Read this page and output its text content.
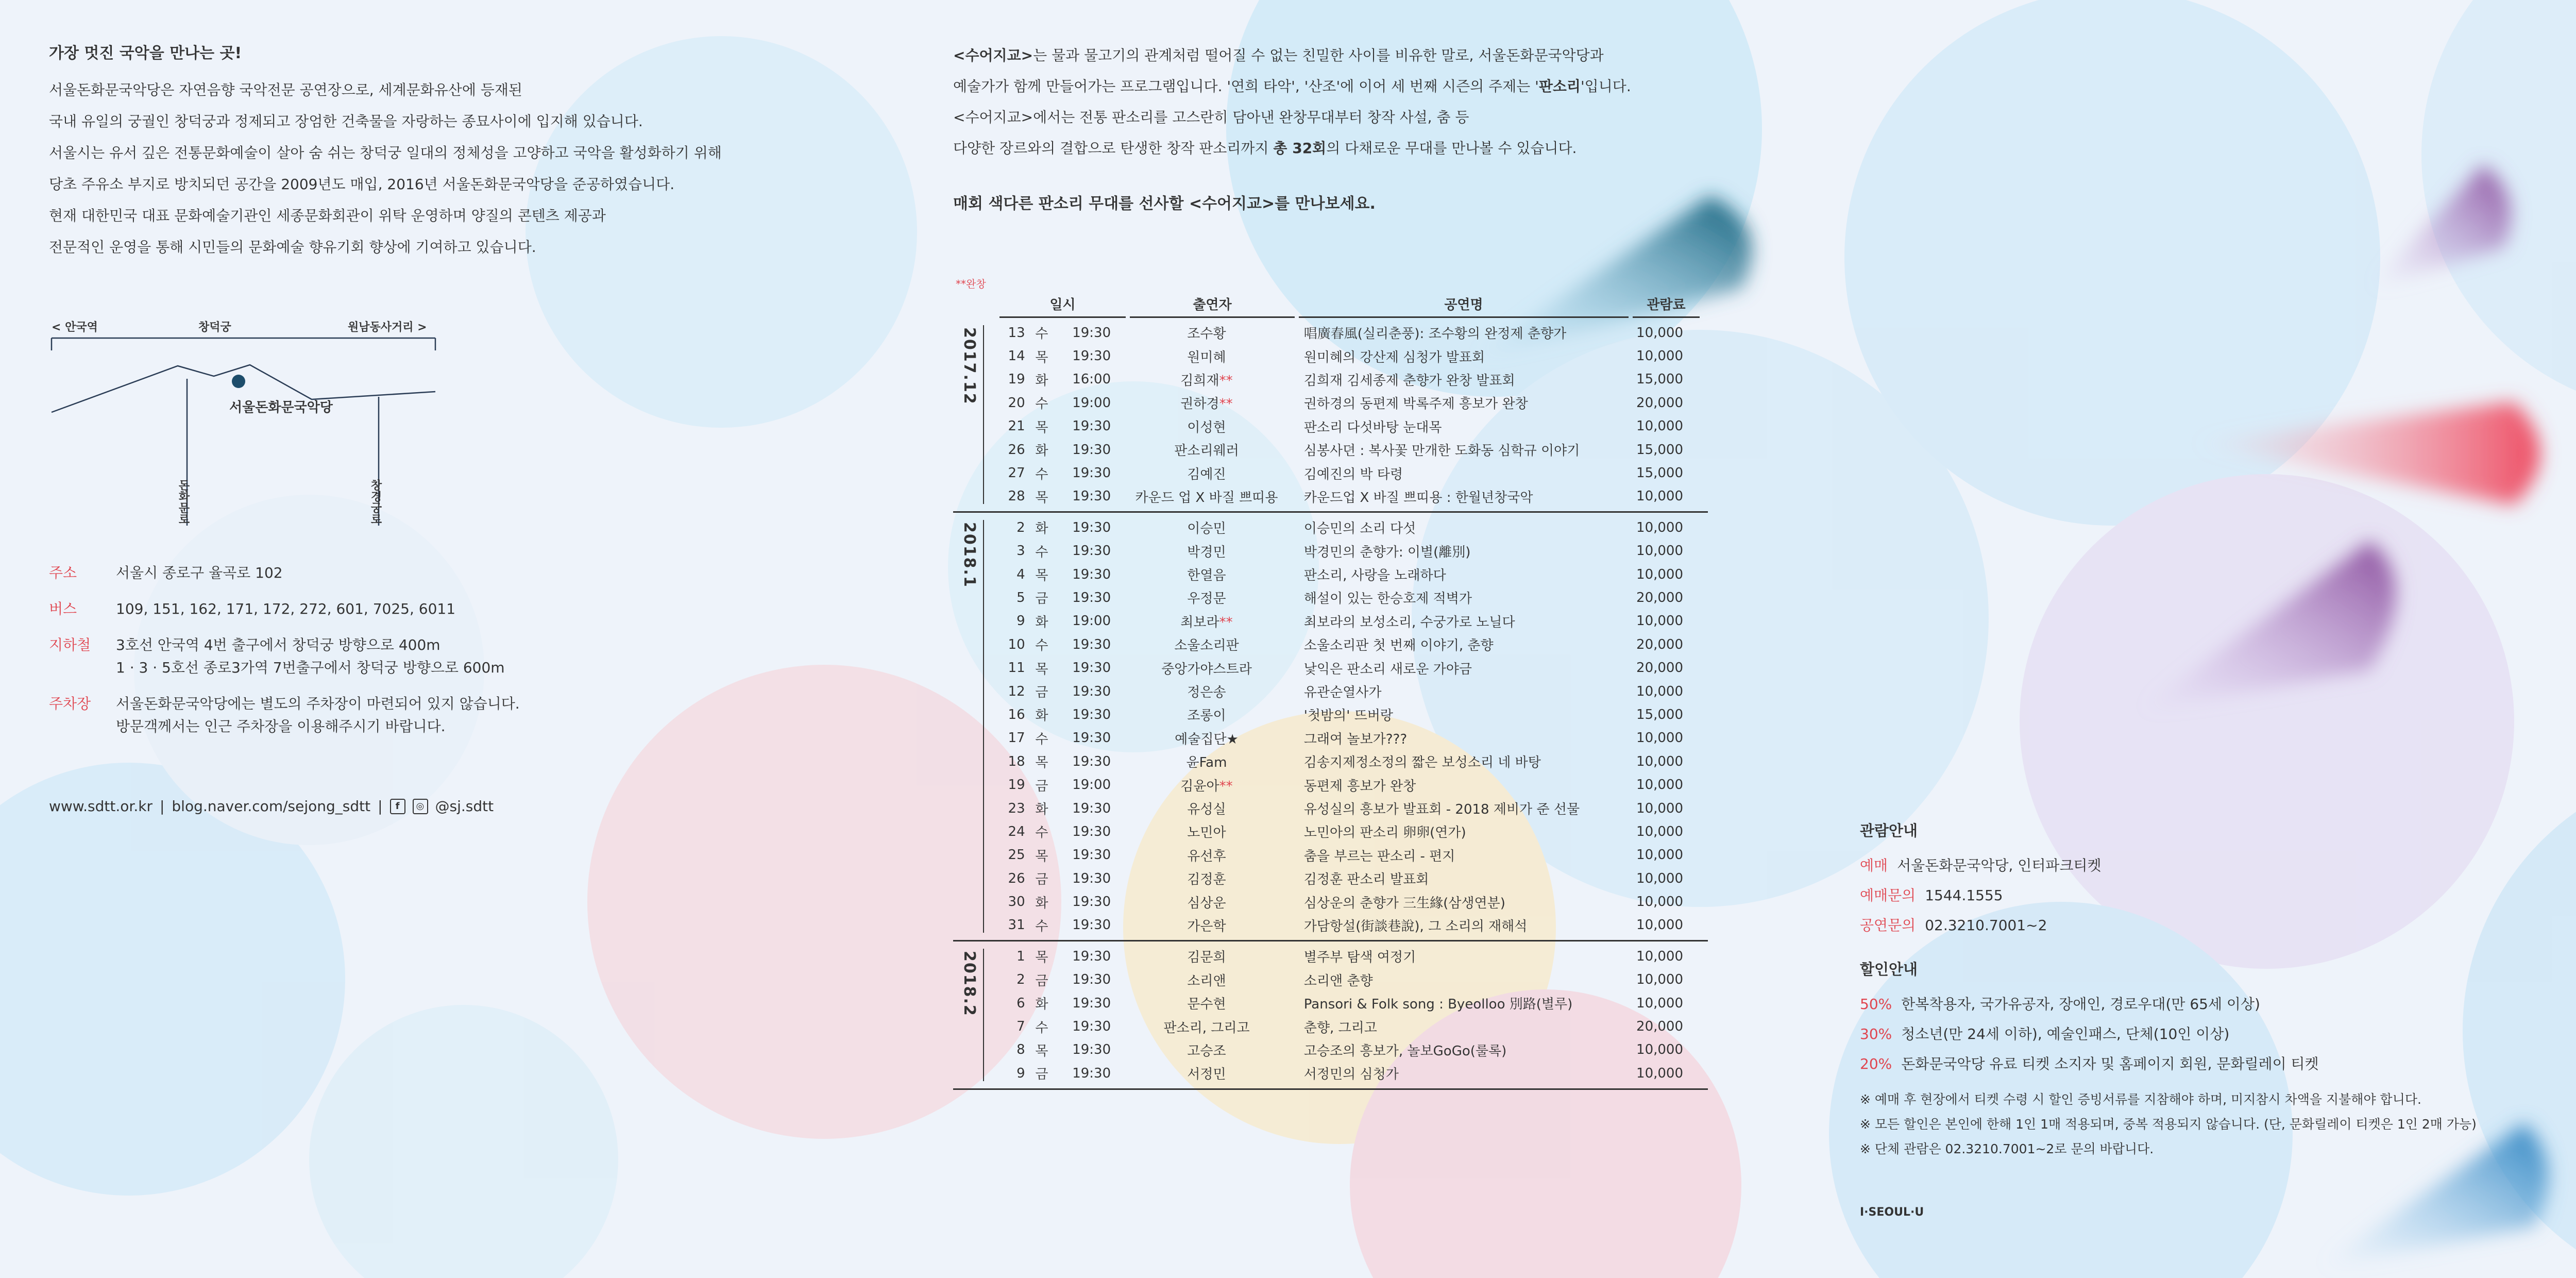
가장 멋진 국악을 만나는 곳!
서울돈화문국악당은 자연음향 국악전문 공연장으로, 세계문화유산에 등재된
국내 유일의 궁궐인 창덕궁과 정제되고 장엄한 건축물을 자랑하는 종묘사이에 입지해 있습니다.
서울시는 유서 깊은 전통문화예술이 살아 숨 쉬는 창덕궁 일대의 정체성을 고양하고 국악을 활성화하기 위해
당초 주유소 부지로 방치되던 공간을 2009년도 매입, 2016년 서울돈화문국악당을 준공하였습니다.
현재 대한민국 대표 문화예술기관인 세종문화회관이 위탁 운영하며 양질의 콘텐츠 제공과
전문적인 운영을 통해 시민들의 문화예술 향유기회 향상에 기여하고 있습니다.
< 안국역	창덕궁	원남동사거리 >
서울돈화문국악당
돈화문로	창경궁로
주소	서울시 종로구 율곡로 102
버스	109, 151, 162, 171, 172, 272, 601, 7025, 6011
지하철	3호선 안국역 4번 출구에서 창덕궁 방향으로 400m
1 · 3 · 5호선 종로3가역 7번출구에서 창덕궁 방향으로 600m
주차장	서울돈화문국악당에는 별도의 주차장이 마련되어 있지 않습니다.
방문객께서는 인근 주차장을 이용해주시기 바랍니다.
www.sdtt.or.kr | blog.naver.com/sejong_sdtt |	f	◎ @sj.sdtt
<수어지교>는 물과 물고기의 관계처럼 떨어질 수 없는 친밀한 사이를 비유한 말로, 서울돈화문국악당과
예술가가 함께 만들어가는 프로그램입니다. '연희 타악', '산조'에 이어 세 번째 시즌의 주제는 '판소리'입니다.
<수어지교>에서는 전통 판소리를 고스란히 담아낸 완창무대부터 창작 사설, 춤 등
다양한 장르와의 결합으로 탄생한 창작 판소리까지 총 32회의 다채로운 무대를 만나볼 수 있습니다.
매회 색다른 판소리 무대를 선사할 <수어지교>를 만나보세요.
**완창
일시	출연자	공연명	관람료
2017.12	13 수	19:30	조수황	唱廣春風(실리춘풍): 조수황의 완정제 춘향가	10,000
14 목	19:30	원미혜	원미혜의 강산제 심청가 발표회	10,000
19 화	16:00	김희재**	김희재 김세종제 춘향가 완창 발표회	15,000
20 수	19:00	권하경**	권하경의 동편제 박록주제 흥보가 완창	20,000
21 목	19:30	이성현	판소리 다섯바탕 눈대목	10,000
26 화	19:30	판소리웨러	심봉사뎐 : 복사꽃 만개한 도화동 심학규 이야기	15,000
27 수	19:30	김예진	김예진의 박 타령	15,000
28 목	19:30	카운드 업 X 바질 쁘띠용	카운드업 X 바질 쁘띠용 : 한월년창국악	10,000
2018.1	2 화	19:30	이승민	이승민의 소리 다섯	10,000
3 수	19:30	박경민	박경민의 춘향가: 이별(離別)	10,000
4 목	19:30	한열음	판소리, 사랑을 노래하다	10,000
5 금	19:30	우정문	해설이 있는 한승호제 적벽가	20,000
9 화	19:00	최보라**	최보라의 보성소리, 수궁가로 노닐다	10,000
10 수	19:30	소울소리판	소울소리판 첫 번째 이야기, 춘향	20,000
11 목	19:30	중앙가야스트라	낯익은 판소리 새로운 가야금	20,000
12 금	19:30	정은송	유관순열사가	10,000
16 화	19:30	조롱이	'첫밤의' 뜨버랑	15,000
17 수	19:30	예술집단★	그래여 놀보가???	10,000
18 목	19:30	윤Fam	김송지제정소정의 짧은 보성소리 네 바탕	10,000
19 금	19:00	김윤아**	동편제 흥보가 완창	10,000
23 화	19:30	유성실	유성실의 흥보가 발표회 - 2018 제비가 준 선물	10,000
24 수	19:30	노민아	노민아의 판소리 卵卵(연가)	10,000
25 목	19:30	유선후	춤을 부르는 판소리 - 편지	10,000
26 금	19:30	김정훈	김정훈 판소리 발표회	10,000
30 화	19:30	심상운	심상운의 춘향가 三生緣(삼생연분)	10,000
31 수	19:30	가은학	가담항설(街談巷說), 그 소리의 재해석	10,000
2018.2	1 목	19:30	김문희	별주부 탐색 여정기	10,000
2 금	19:30	소리앤	소리앤 춘향	10,000
6 화	19:30	문수현	Pansori & Folk song : Byeolloo 別路(별루)	10,000
7 수	19:30	판소리, 그리고	춘향, 그리고	20,000
8 목	19:30	고승조	고승조의 흥보가, 놀보GoGo(룰록)	10,000
9 금	19:30	서정민	서정민의 심청가	10,000
관람안내
예매 서울돈화문국악당, 인터파크티켓
예매문의 1544.1555
공연문의 02.3210.7001~2
할인안내
50% 한복착용자, 국가유공자, 장애인, 경로우대(만 65세 이상)
30% 청소년(만 24세 이하), 예술인패스, 단체(10인 이상)
20% 돈화문국악당 유료 티켓 소지자 및 홈페이지 회원, 문화릴레이 티켓
※ 예매 후 현장에서 티켓 수령 시 할인 증빙서류를 지참해야 하며, 미지참시 차액을 지불해야 합니다.
※ 모든 할인은 본인에 한해 1인 1매 적용되며, 중복 적용되지 않습니다. (단, 문화릴레이 티켓은 1인 2매 가능)
※ 단체 관람은 02.3210.7001~2로 문의 바랍니다.
I·SEOUL·U
